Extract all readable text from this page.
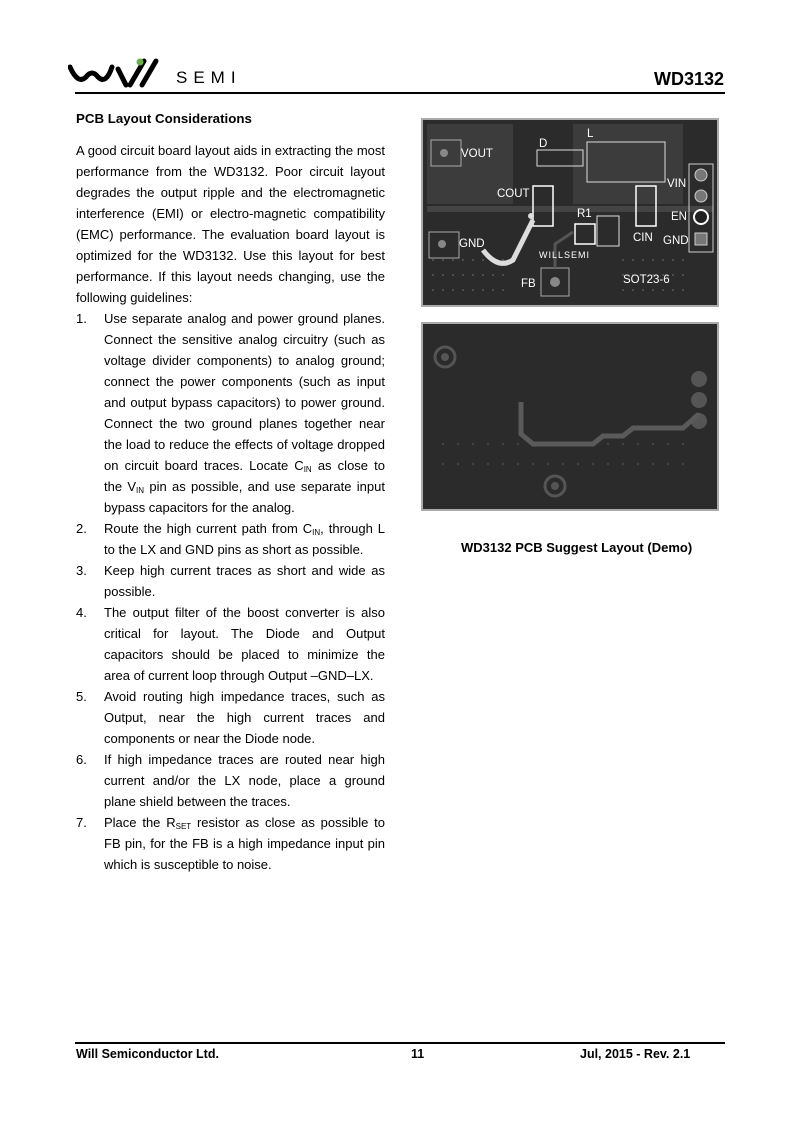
SEMI	WD3132
PCB Layout Considerations
A good circuit board layout aids in extracting the most performance from the WD3132. Poor circuit layout degrades the output ripple and the electromagnetic interference (EMI) or electro-magnetic compatibility (EMC) performance. The evaluation board layout is optimized for the WD3132. Use this layout for best performance. If this layout needs changing, use the following guidelines:
1. Use separate analog and power ground planes. Connect the sensitive analog circuitry (such as voltage divider components) to analog ground; connect the power components (such as input and output bypass capacitors) to power ground. Connect the two ground planes together near the load to reduce the effects of voltage dropped on circuit board traces. Locate $C_{IN}$ as close to the $V_{IN}$ pin as possible, and use separate input bypass capacitors for the analog.
2. Route the high current path from $C_{IN}$, through L to the LX and GND pins as short as possible.
3. Keep high current traces as short and wide as possible.
4. The output filter of the boost converter is also critical for layout. The Diode and Output capacitors should be placed to minimize the area of current loop through Output –GND–LX.
5. Avoid routing high impedance traces, such as Output, near the high current traces and components or near the Diode node.
6. If high impedance traces are routed near high current and/or the LX node, place a ground plane shield between the traces.
7. Place the $R_{SET}$ resistor as close as possible to FB pin, for the FB is a high impedance input pin which is susceptible to noise.
VOUT
D
L
COUT
R1
VIN
EN
CIN GND
GND
FB	SOT23-6
WILLSEMI
WD3132 PCB Suggest Layout (Demo)
Will Semiconductor Ltd.	11	Jul, 2015 - Rev. 2.1
